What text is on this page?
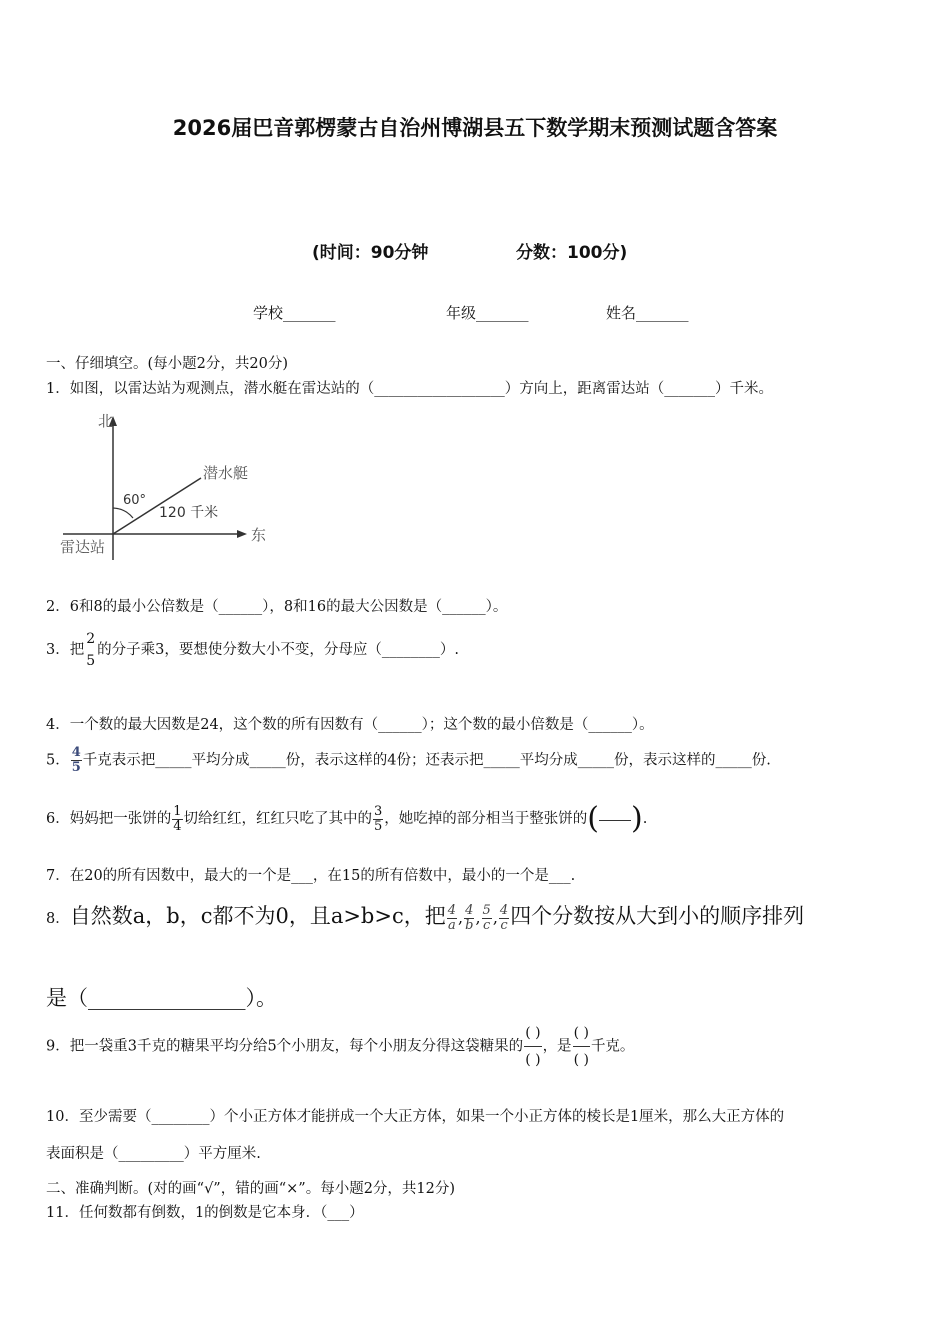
2026届巴音郭楞蒙古自治州博湖县五下数学期末预测试题含答案
(时间：90分钟	分数：100分)
学校_______	年级_______	姓名_______
一、仔细填空。(每小题2分，共20分)
1．如图，以雷达站为观测点，潜水艇在雷达站的（__________________）方向上，距离雷达站（_______）千米。
北
东
雷达站
潜水艇
60°
120 千米
2．6和8的最小公倍数是（______），8和16的最大公因数是（______）。
3．把
2
5
的分子乘3，要想使分数大小不变，分母应（________）.
4．一个数的最大因数是24，这个数的所有因数有（______）；这个数的最小倍数是（______）。
5． $\frac{4}{5}$ 千克表示把_____平均分成_____份，表示这样的4份；还表示把_____平均分成_____份，表示这样的_____份.
6．妈妈把一张饼的 $\frac{1}{4}$ 切给红红，红红只吃了其中的 $\frac{3}{5}$ ，她吃掉的部分相当于整张饼的( ).
7．在20的所有因数中，最大的一个是___，在15的所有倍数中，最小的一个是___.
8．自然数a，b，c都不为0，且a>b>c，把 $\frac{4}{a}$ , $\frac{4}{b}$ , $\frac{5}{c}$ , $\frac{4}{c}$ 四个分数按从大到小的顺序排列
是（_______________）。
9．把一袋重3千克的糖果平均分给5个小朋友，每个小朋友分得这袋糖果的 $\frac{( )}{( )}$ ，是 $\frac{( )}{( )}$ 千克。
10．至少需要（________）个小正方体才能拼成一个大正方体，如果一个小正方体的棱长是1厘米，那么大正方体的
表面积是（_________）平方厘米.
二、准确判断。(对的画“√”，错的画“×”。每小题2分，共12分)
11．任何数都有倒数，1的倒数是它本身．（___）
